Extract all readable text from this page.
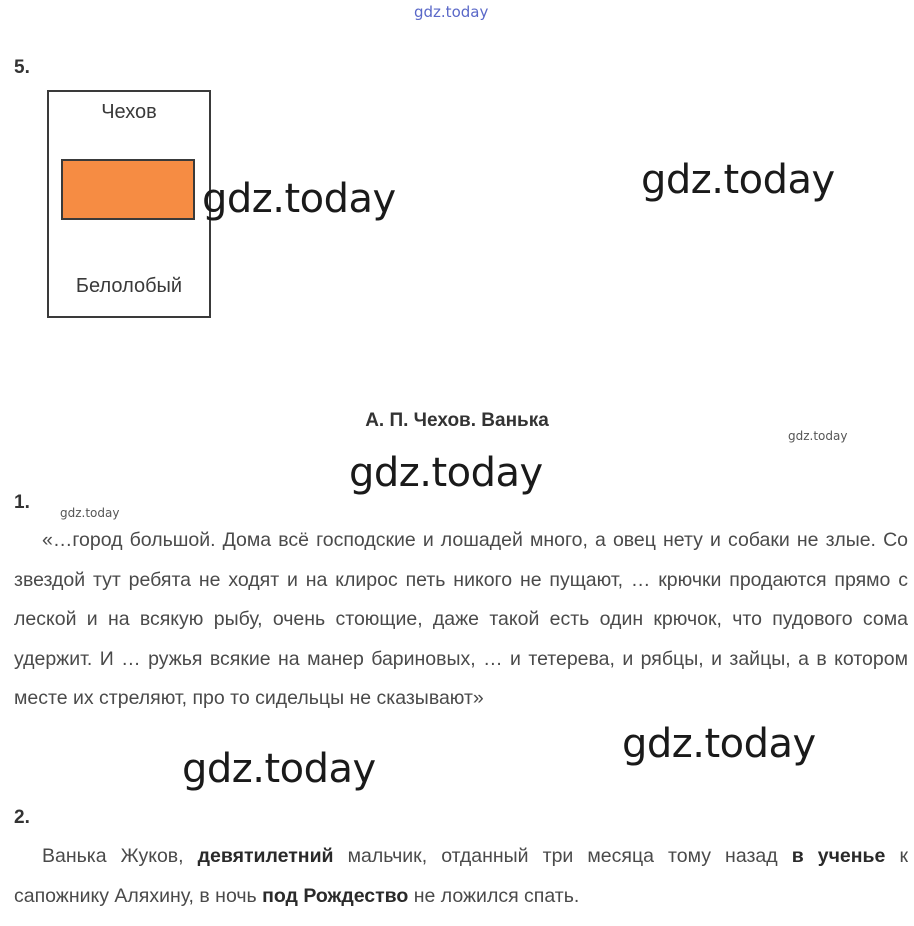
gdz.today
5.
Чехов
Белолобый
gdz.today	gdz.today
А. П. Чехов. Ванька
gdz.today
gdz.today
1.	gdz.today

«…город большой. Дома всё господские и лошадей много, а овец нету и собаки не злые. Со звездой тут ребята не ходят и на клирос петь никого не пущают, … крючки продаются прямо с леской и на всякую рыбу, очень стоющие, даже такой есть один крючок, что пудового сома удержит. И … ружья всякие на манер бариновых, … и тетерева, и рябцы, и зайцы, а в котором месте их стреляют, про то сидельцы не сказывают»

gdz.today
gdz.today
2.

Ванька Жуков, девятилетний мальчик, отданный три месяца тому назад в ученье к сапожнику Аляхину, в ночь под Рождество не ложился спать.
